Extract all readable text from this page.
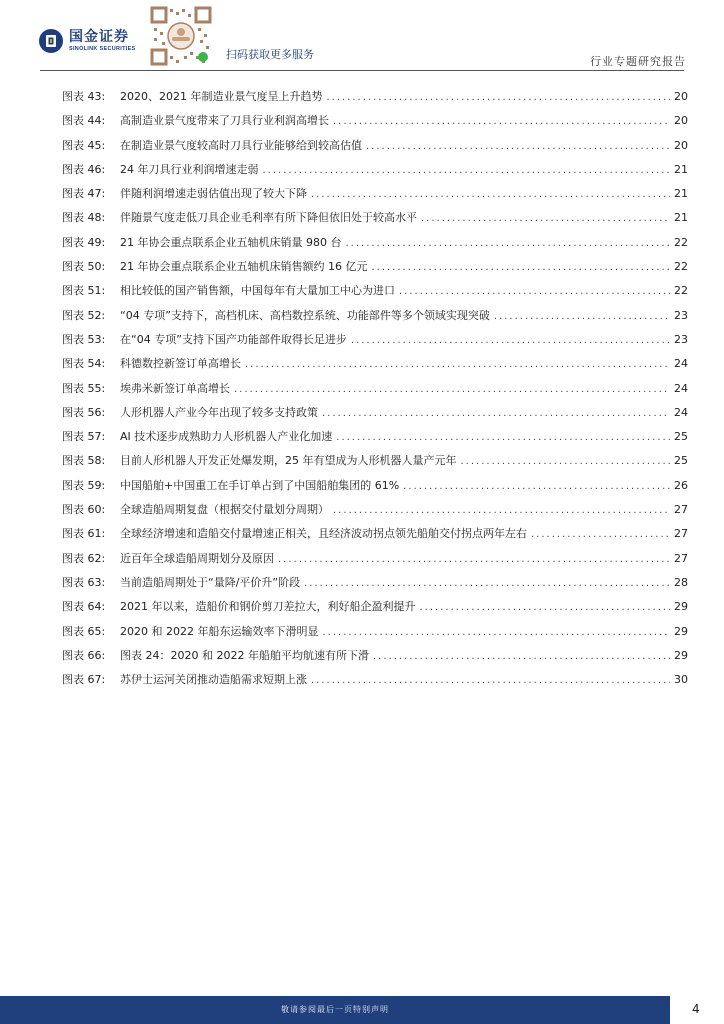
国金证券
SINOLINK SECURITIES	扫码获取更多服务
行业专题研究报告
图表 43:	2020、2021 年制造业景气度呈上升趋势 .....	20
图表 44:	高制造业景气度带来了刀具行业利润高增长 .....	20
图表 45:	在制造业景气度较高时刀具行业能够给到较高估值 .....	20
图表 46:	24 年刀具行业利润增速走弱 .....	21
图表 47:	伴随利润增速走弱估值出现了较大下降 .....	21
图表 48:	伴随景气度走低刀具企业毛利率有所下降但依旧处于较高水平 .....	21
图表 49:	21 年协会重点联系企业五轴机床销量 980 台 .....	22
图表 50:	21 年协会重点联系企业五轴机床销售额约 16 亿元 .....	22
图表 51:	相比较低的国产销售额，中国每年有大量加工中心为进口 .....	22
图表 52:	“04 专项”支持下，高档机床、高档数控系统、功能部件等多个领域实现突破 .....	23
图表 53:	在“04 专项”支持下国产功能部件取得长足进步 .....	23
图表 54:	科德数控新签订单高增长 .....	24
图表 55:	埃弗米新签订单高增长 .....	24
图表 56:	人形机器人产业今年出现了较多支持政策 .....	24
图表 57:	AI 技术逐步成熟助力人形机器人产业化加速 .....	25
图表 58:	目前人形机器人开发正处爆发期，25 年有望成为人形机器人量产元年 .....	25
图表 59:	中国船舶+中国重工在手订单占到了中国船舶集团的 61% .....	26
图表 60:	全球造船周期复盘（根据交付量划分周期） .....	27
图表 61:	全球经济增速和造船交付量增速正相关，且经济波动拐点领先船舶交付拐点两年左右 .....	27
图表 62:	近百年全球造船周期划分及原因 .....	27
图表 63:	当前造船周期处于“量降/平价升”阶段 .....	28
图表 64:	2021 年以来，造船价和钢价剪刀差拉大，利好船企盈利提升 .....	29
图表 65:	2020 和 2022 年船东运输效率下滑明显 .....	29
图表 66:	图表 24：2020 和 2022 年船舶平均航速有所下滑 .....	29
图表 67:	苏伊士运河关闭推动造船需求短期上涨 .....	30
敬请参阅最后一页特别声明	4
